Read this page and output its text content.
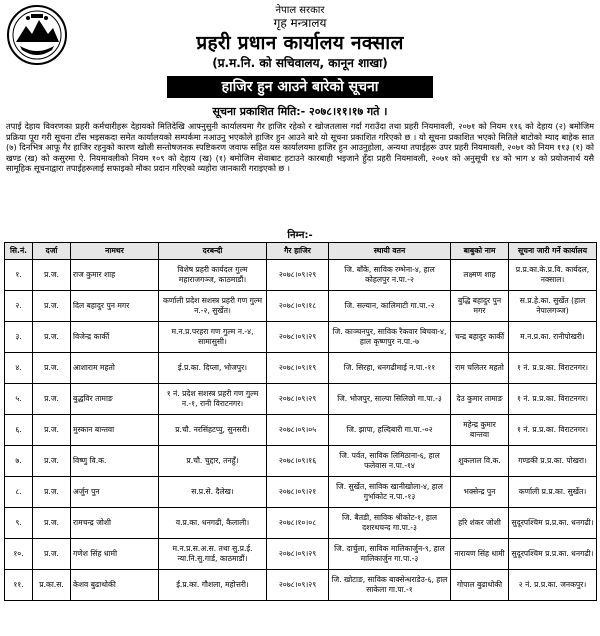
नेपाल सरकार
गृह मन्त्रालय
प्रहरी प्रधान कार्यालय नक्साल
(प्र.म.नि. को सचिवालय, कानून शाखा)
हाजिर हुन आउने बारेको सूचना
सूचना प्रकाशित मिति:- २०७८।११।१७ गते ।
तपाई देहाय विवरणका प्रहरी कर्मचारीहरू देहायको मितिदेखि आफ्नुसुनी कार्यालयमा गैर हाजिर रहेको र खोजतलास गर्दा गराउँदा तथा प्रहरी नियमावली, २०७१ को नियम ११६ को देहाय (२) बमोजिम प्रक्रिया पूरा गरी सूचना टाँस भइसकदा समेत कार्यालयको सम्पर्कमा नआउनु भएकोले हाजिर हुन आउने बारे यो सूचना प्रकाशित गरिएको छ । यो सूचना प्रकाशित भएको मितिले बाटोको म्याद बाहेक सात (७) दिनभित्र आफू गैर हाजिर रहनुको कारण खोली सन्तोषजनक स्पष्टिकरण जवाफ सहित यस कार्यालयमा हाजिर हुन आउनुहोला, अन्यथा तपाईहरू उपर प्रहरी नियमावली, २०७१ को नियम ११३ (१) को खण्ड (ख) को कसुरमा ऐ. नियमावलीको नियम १०९ को देहाय (ख) (१) बमोजिम सेवाबाट हटाउने कारबाही भइजाने हुँदा प्रहरी नियमावली, २०७१ को अनुसूची १४ को भाग ४ को प्रयोजनार्थ यसै सामूहिक सूचनाद्वारा तपाईहरूलाई सफाइको मौका प्रदान गरिएको व्यहोरा जानकारी गराइएको छ ।
निम्न:-
सि.नं.	दर्जा	नामथर	दरबन्दी	गैर हाजिर	स्थायी वतन	बाबुको नाम	सूचना जारी गर्ने कार्यालय
१.	प्र.ज.	राज कुमार शाह	विशेष प्रहरी कार्यदल गुल्म महाराजगञ्ज, काठमाडौं।	२०७८।०९।२९	जि. बाँके, साविक रम्भेना-४, हाल कोहलपुर न.पा.-२	लक्ष्मण शाह	प्र.प्र.का.के.प्र.वि. कार्यदल, नक्साल।
२.	प्र.ज.	दिल बहादुर पुन मगर	कर्णाली प्रदेश सशस्त्र प्रहरी गण गुल्म न.-२, सुर्खेत।	२०७८।०९।१८	जि. सल्यान, कालिमाटी गा.पा.-२	बुद्धि बहादुर पुन मगर	स.प्र.हे.का. सुर्खेत (हाल नेपालगञ्ज)
३.	प्र.ज.	विजेन्द्र कार्की	म.न.प्र.परहरा गण गुल्म न.-४, सामासुसी।	२०७८।०९।२९	जि. काञ्चनपुर, साविक रैकवार बिचवा-४, हाल कृष्णपुर न.पा.-७	चन्द्र बहादुर कार्की	म.न.प्र.का. रानीपोखरी।
४.	प्र.ज.	आशाराम महतो	ई.प्र.का. दिप्ला, भोजपुर।	२०७८।०९।१९	जि. सिरहा, धनगढीमाई न.पा.-११	राम चलितर महतो	१ नं. प्र.प्र.का. विराटनगर।
५.	प्र.ज.	बुद्धविर तामाङ	१ नं. प्रदेश सशस्त्र प्रहरी गण गुल्म न.-१, रानी विराटनगर।	२०७८।०९।२९	जि. भोजपुर, साल्पा सिलिछो गा.पा.-३	देउ कुमार तामाङ	१ नं. प्र.प्र.का. विराटनगर।
६.	प्र.ज.	मुस्कान बान्तवा	प्र.चौ. नरसिंहटप्पु, सुनसरी।	२०७८।०९।०५	जि. झापा, हल्दिबारी गा.पा.-०२	महेन्द्र कुमार बान्तवा	१ नं. प्र.प्र.का. विराटनगर।
७.	प्र.ज.	विष्णु वि.क.	प्र.चौ. चुद्दार, तनहुँ।	२०७८।०९।१६	जि. पर्वत, साविक लिमिठाना-६, हाल फलेवास न.पा.-१४	शुकलाल वि.क.	गण्डकी प्र.प्र.का. पोखरा।
८.	प्र.ज.	अर्जुन पुन	स.प्र.से. दैलेख।	२०७८।०९।२१	जि. सुर्खेत, साविक खानीखोला-४, हाल गुर्भाकोट न.पा.-१३	भक्सेन्द्र पुन	कर्णाली प्र.प्र.का. सुर्खेत।
९.	प्र.ज.	रामचन्द्र जोशी	व.प्र.का. धनगढी, कैलाली।	२०७८।१०।०८	जि. बैतडी, साविक श्रीकोट-१, हाल दशरथचन्द गा.पा.-३	हरि शंकर जोशी	सुदूरपश्चिम प्र.प्र.का. धनगढी।
१०.	प्र.ज.	गणेश सिंह धामी	म.न.प्र.स.अ.स. तथा सु.प्र.ई. न्या.नि.सु.गार्ड, काठमाडौं।	२०७८।०९।२९	जि. दार्चुला, साविक मालिकार्जुन-९, हाल मालिकार्जुन गा.पा.-३	नारायण सिंह धामी	सुदूरपश्चिम प्र.प्र.का. धनगढी।
११.	प्र.का.स.	केशव बुढाथोकी	ई.प्र.का. गौशला, महोत्तरी।	२०७८।०९।२९	जि. खोटाङ, साविक बाक्सेन्धराडेउ-६, हाल साकेला गा.पा.-१	गोपाल बुढाथोकी	२ नं. प्र.प्र.का. जनकपुर।
